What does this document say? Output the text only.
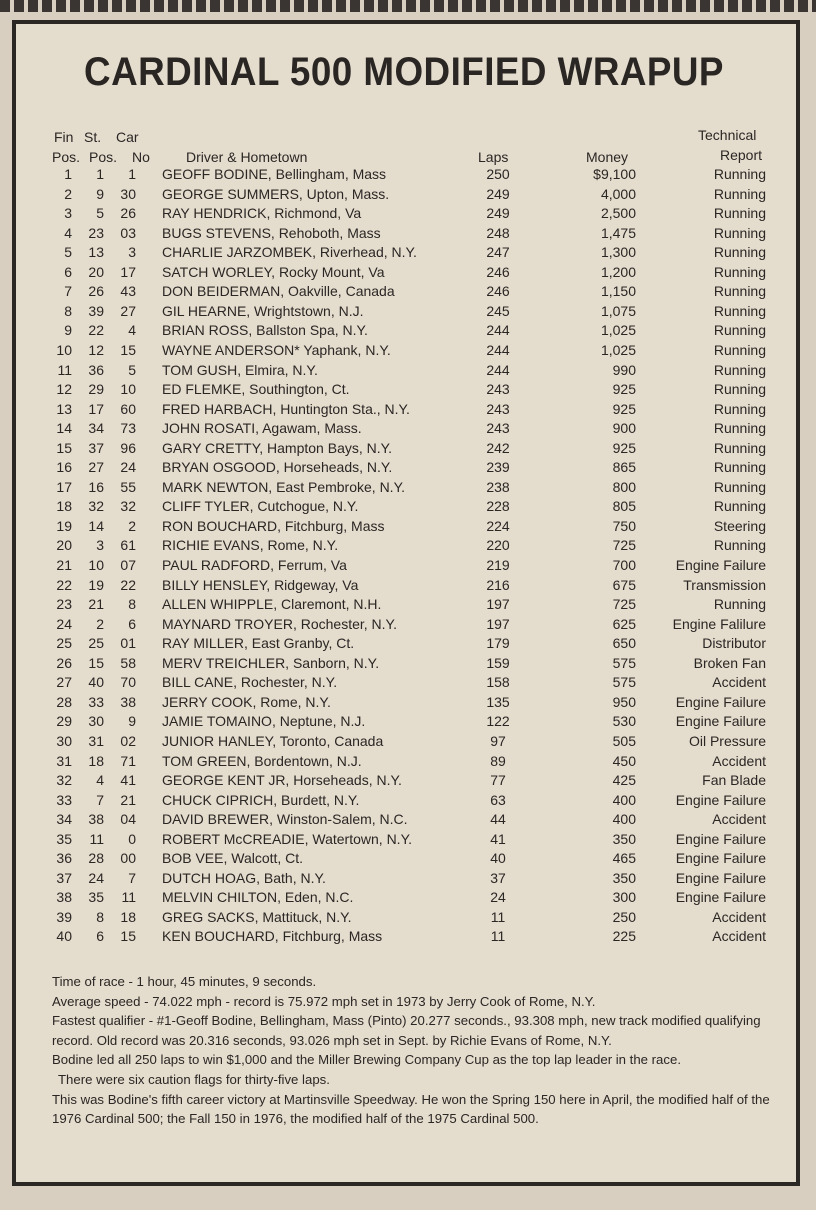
CARDINAL 500 MODIFIED WRAPUP
Fin St. Car
Pos. Pos. No	Driver & Hometown	Laps	Money
Technical
Report
1	1	1 GEOFF BODINE, Bellingham, Mass	250	$9,100	Running
2	9	30 GEORGE SUMMERS, Upton, Mass.	249	4,000	Running
3	5	26 RAY HENDRICK, Richmond, Va	249	2,500	Running
4	23	03 BUGS STEVENS, Rehoboth, Mass	248	1,475	Running
5	13	3 CHARLIE JARZOMBEK, Riverhead, N.Y.	247	1,300	Running
6	20	17 SATCH WORLEY, Rocky Mount, Va	246	1,200	Running
7	26	43 DON BEIDERMAN, Oakville, Canada	246	1,150	Running
8	39	27 GIL HEARNE, Wrightstown, N.J.	245	1,075	Running
9	22	4 BRIAN ROSS, Ballston Spa, N.Y.	244	1,025	Running
10	12	15 WAYNE ANDERSON* Yaphank, N.Y.	244	1,025	Running
11	36	5 TOM GUSH, Elmira, N.Y.	244	990	Running
12	29	10 ED FLEMKE, Southington, Ct.	243	925	Running
13	17	60 FRED HARBACH, Huntington Sta., N.Y.	243	925	Running
14	34	73 JOHN ROSATI, Agawam, Mass.	243	900	Running
15	37	96 GARY CRETTY, Hampton Bays, N.Y.	242	925	Running
16	27	24 BRYAN OSGOOD, Horseheads, N.Y.	239	865	Running
17	16	55 MARK NEWTON, East Pembroke, N.Y.	238	800	Running
18	32	32 CLIFF TYLER, Cutchogue, N.Y.	228	805	Running
19	14	2 RON BOUCHARD, Fitchburg, Mass	224	750	Steering
20	3	61 RICHIE EVANS, Rome, N.Y.	220	725	Running
21	10	07 PAUL RADFORD, Ferrum, Va	219	700	Engine Failure
22	19	22 BILLY HENSLEY, Ridgeway, Va	216	675	Transmission
23	21	8 ALLEN WHIPPLE, Claremont, N.H.	197	725	Running
24	2	6 MAYNARD TROYER, Rochester, N.Y.	197	625	Engine Falilure
25	25	01 RAY MILLER, East Granby, Ct.	179	650	Distributor
26	15	58 MERV TREICHLER, Sanborn, N.Y.	159	575	Broken Fan
27	40	70 BILL CANE, Rochester, N.Y.	158	575	Accident
28	33	38 JERRY COOK, Rome, N.Y.	135	950	Engine Failure
29	30	9 JAMIE TOMAINO, Neptune, N.J.	122	530	Engine Failure
30	31	02 JUNIOR HANLEY, Toronto, Canada	97	505	Oil Pressure
31	18	71 TOM GREEN, Bordentown, N.J.	89	450	Accident
32	4	41 GEORGE KENT JR, Horseheads, N.Y.	77	425	Fan Blade
33	7	21 CHUCK CIPRICH, Burdett, N.Y.	63	400	Engine Failure
34	38	04 DAVID BREWER, Winston-Salem, N.C.	44	400	Accident
35	11	0 ROBERT McCREADIE, Watertown, N.Y.	41	350	Engine Failure
36	28	00 BOB VEE, Walcott, Ct.	40	465	Engine Failure
37	24	7 DUTCH HOAG, Bath, N.Y.	37	350	Engine Failure
38	35	11 MELVIN CHILTON, Eden, N.C.	24	300	Engine Failure
39	8	18 GREG SACKS, Mattituck, N.Y.	11	250	Accident
40	6	15 KEN BOUCHARD, Fitchburg, Mass	11	225	Accident

Time of race - 1 hour, 45 minutes, 9 seconds.

Average speed - 74.022 mph - record is 75.972 mph set in 1973 by Jerry Cook of Rome, N.Y.

Fastest qualifier - #1-Geoff Bodine, Bellingham, Mass (Pinto) 20.277 seconds., 93.308 mph, new track modified qualifying record. Old record was 20.316 seconds, 93.026 mph set in Sept. by Richie Evans of Rome, N.Y.

Bodine led all 250 laps to win $1,000 and the Miller Brewing Company Cup as the top lap leader in the race.

There were six caution flags for thirty-five laps.

This was Bodine's fifth career victory at Martinsville Speedway. He won the Spring 150 here in April, the modified half of the 1976 Cardinal 500; the Fall 150 in 1976, the modified half of the 1975 Cardinal 500.
